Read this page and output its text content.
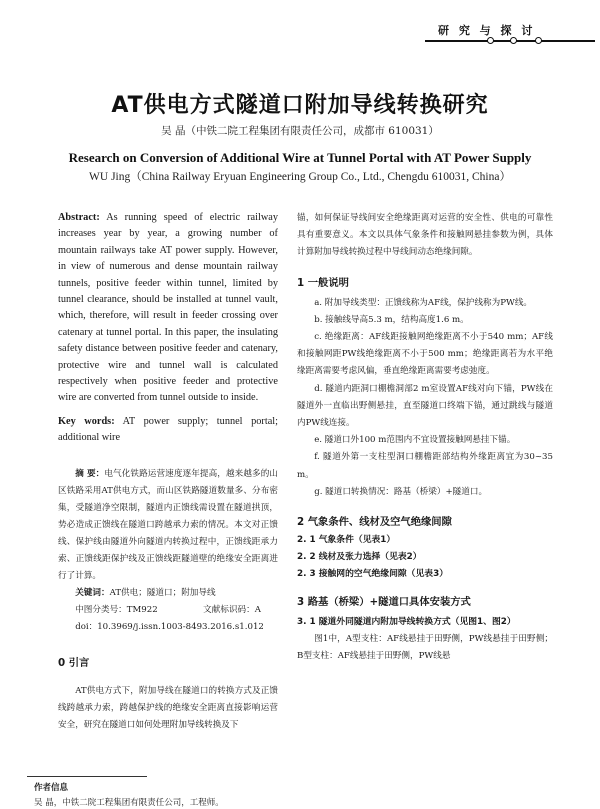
研 究 与 探 讨
AT供电方式隧道口附加导线转换研究
吴 晶（中铁二院工程集团有限责任公司，成都市 610031）
Research on Conversion of Additional Wire at Tunnel Portal with AT Power Supply
WU Jing（China Railway Eryuan Engineering Group Co., Ltd., Chengdu 610031, China）

Abstract: As running speed of electric railway increases year by year, a growing number of mountain railways take AT power supply. However, in view of numerous and dense mountain railway tunnels, positive feeder within tunnel, limited by tunnel clearance, should be installed at tunnel vault, which, therefore, will result in feeder crossing over catenary at tunnel portal. In this paper, the insulating safety distance between positive feeder and catenary, protective wire and tunnel wall is calculated respectively when positive feeder and protective wire are converted from tunnel outside to inside.

Key words: AT power supply; tunnel portal; additional wire

摘 要：电气化铁路运营速度逐年提高，越来越多的山区铁路采用AT供电方式，而山区铁路隧道数量多、分布密集，受隧道净空限制，隧道内正馈线需设置在隧道拱顶，势必造成正馈线在隧道口跨越承力索的情况。本文对正馈线、保护线由隧道外向隧道内转换过程中，正馈线距承力索、正馈线距保护线及正馈线距隧道壁的绝缘安全距离进行了计算。

关键词：AT供电；隧道口；附加导线

中图分类号：TM922	文献标识码：A

doi：10.3969/j.issn.1003-8493.2016.s1.012

0 引言

AT供电方式下，附加导线在隧道口的转换方式及正馈线跨越承力索，跨越保护线的绝缘安全距离直接影响运营安全，研究在隧道口如何处理附加导线转换及下

锚，如何保证导线间安全绝缘距离对运营的安全性、供电的可靠性具有重要意义。本文以具体气象条件和接触网悬挂参数为例，具体计算附加导线转换过程中导线间动态绝缘间隙。

1 一般说明

a. 附加导线类型：正馈线称为AF线，保护线称为PW线。

b. 接触线导高5.3 m，结构高度1.6 m。

c. 绝缘距离：AF线距接触网绝缘距离不小于540 mm；AF线和接触网距PW线绝缘距离不小于500 mm；绝缘距离若为水平绝缘距离需要考虑风偏，垂直绝缘距离需要考虑弛度。

d. 隧道内距洞口棚檐洞部2 m室设置AF线对向下锚，PW线在隧道外一直临出野侧悬挂，直至隧道口终端下锚，通过跳线与隧道内PW线连接。

e. 隧道口外100 m范围内不宜设置接触网悬挂下锚。

f. 隧道外第一支柱型洞口棚檐距部结构外缘距离宜为30~35 m。

g. 隧道口转换情况：路基（桥梁）+隧道口。

2 气象条件、线材及空气绝缘间隙

2. 1 气象条件（见表1）

2. 2 线材及张力选择（见表2）

2. 3 接触网的空气绝缘间隙（见表3）

3 路基（桥梁）+隧道口具体安装方式

3. 1 隧道外同隧道内附加导线转换方式（见图1、图2）

图1中，A型支柱：AF线悬挂于田野侧，PW线悬挂于田野侧；B型支柱：AF线悬挂于田野侧，PW线悬

作者信息
吴 晶，中铁二院工程集团有限责任公司，工程师。
